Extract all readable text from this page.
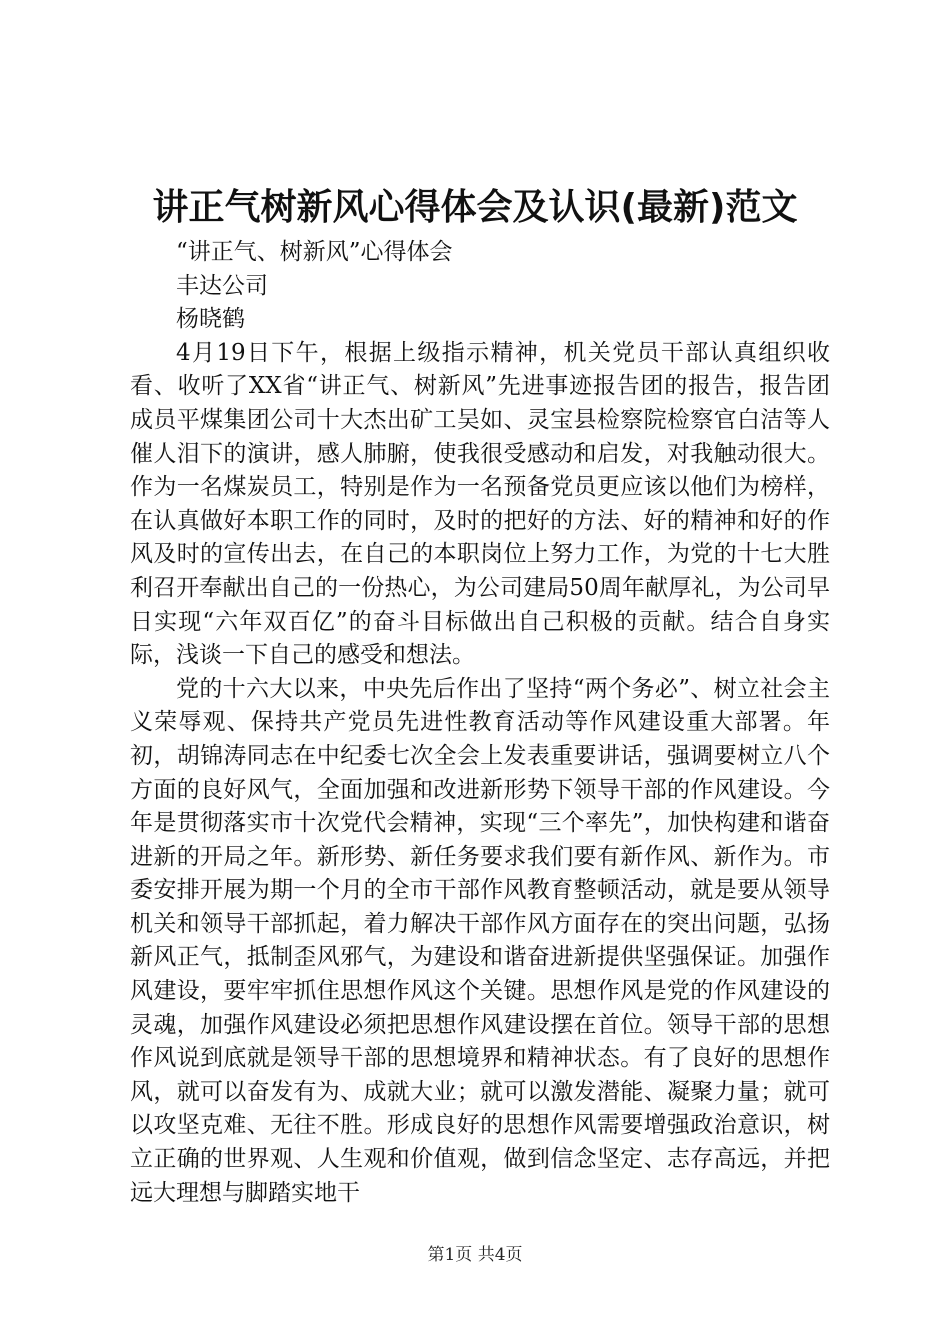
讲正气树新风心得体会及认识(最新)范文

“讲正气、树新风”心得体会

丰达公司

杨晓鹤

4月19日下午，根据上级指示精神，机关党员干部认真组织收看、收听了XX省“讲正气、树新风”先进事迹报告团的报告，报告团成员平煤集团公司十大杰出矿工吴如、灵宝县检察院检察官白洁等人催人泪下的演讲，感人肺腑，使我很受感动和启发，对我触动很大。作为一名煤炭员工，特别是作为一名预备党员更应该以他们为榜样，在认真做好本职工作的同时，及时的把好的方法、好的精神和好的作风及时的宣传出去，在自己的本职岗位上努力工作，为党的十七大胜利召开奉献出自己的一份热心，为公司建局50周年献厚礼，为公司早日实现“六年双百亿”的奋斗目标做出自己积极的贡献。结合自身实际，浅谈一下自己的感受和想法。

党的十六大以来，中央先后作出了坚持“两个务必”、树立社会主义荣辱观、保持共产党员先进性教育活动等作风建设重大部署。年初，胡锦涛同志在中纪委七次全会上发表重要讲话，强调要树立八个方面的良好风气，全面加强和改进新形势下领导干部的作风建设。今年是贯彻落实市十次党代会精神，实现“三个率先”，加快构建和谐奋进新的开局之年。新形势、新任务要求我们要有新作风、新作为。市委安排开展为期一个月的全市干部作风教育整顿活动，就是要从领导机关和领导干部抓起，着力解决干部作风方面存在的突出问题，弘扬新风正气，抵制歪风邪气，为建设和谐奋进新提供坚强保证。加强作风建设，要牢牢抓住思想作风这个关键。思想作风是党的作风建设的灵魂，加强作风建设必须把思想作风建设摆在首位。领导干部的思想作风说到底就是领导干部的思想境界和精神状态。有了良好的思想作风，就可以奋发有为、成就大业；就可以激发潜能、凝聚力量；就可以攻坚克难、无往不胜。形成良好的思想作风需要增强政治意识，树立正确的世界观、人生观和价值观，做到信念坚定、志存高远，并把远大理想与脚踏实地干

第1页 共4页
